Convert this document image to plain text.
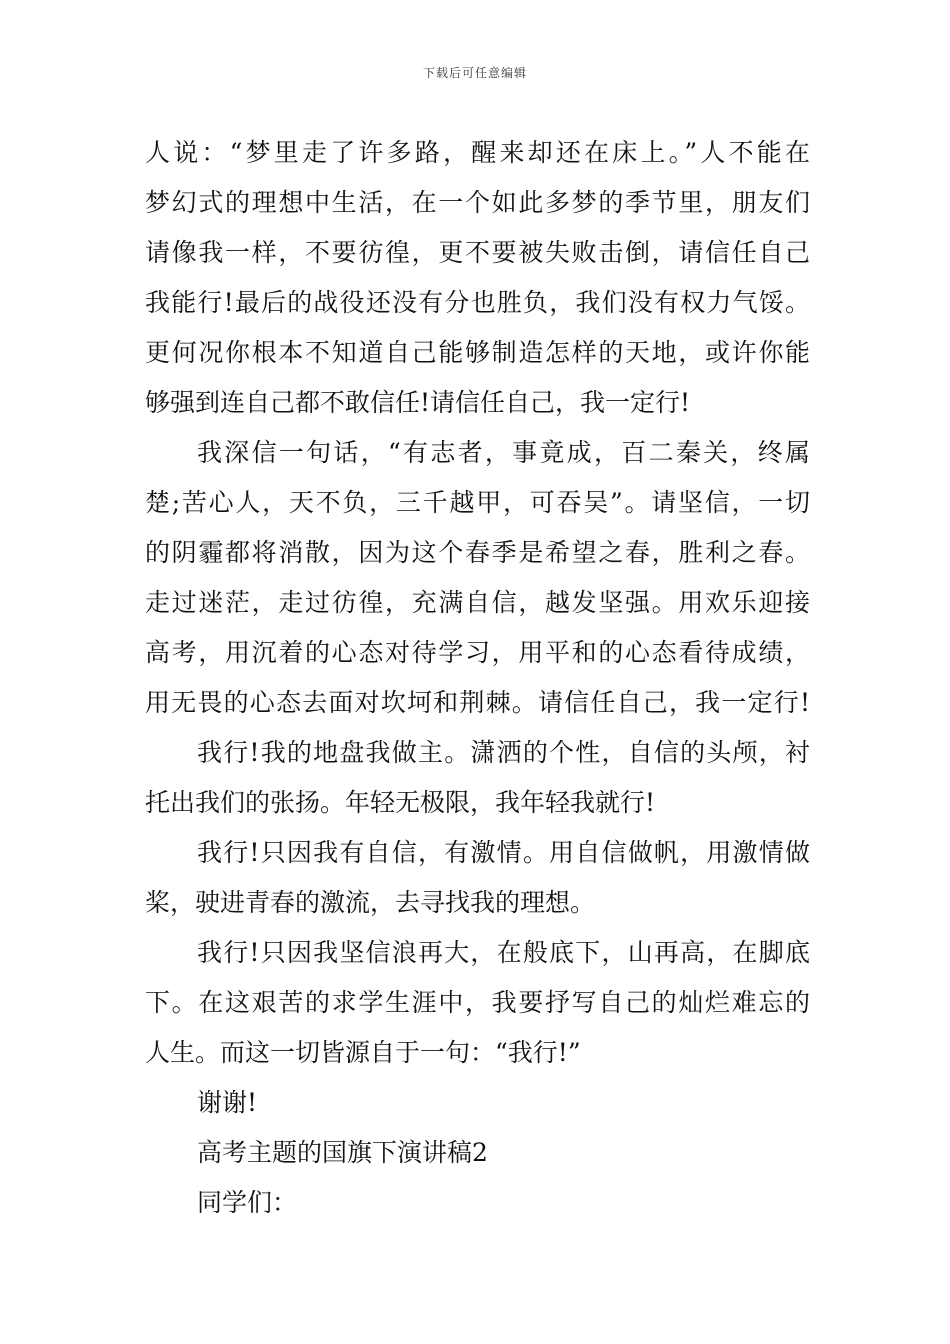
下载后可任意编辑
人说：“梦里走了许多路，醒来却还在床上。”人不能在
梦幻式的理想中生活，在一个如此多梦的季节里，朋友们
请像我一样，不要彷徨，更不要被失败击倒，请信任自己
我能行!最后的战役还没有分也胜负，我们没有权力气馁。
更何况你根本不知道自己能够制造怎样的天地，或许你能
够强到连自己都不敢信任!请信任自己，我一定行!
我深信一句话，“有志者，事竟成，百二秦关，终属
楚;苦心人，天不负，三千越甲，可吞吴”。请坚信，一切
的阴霾都将消散，因为这个春季是希望之春，胜利之春。
走过迷茫，走过彷徨，充满自信，越发坚强。用欢乐迎接
高考，用沉着的心态对待学习，用平和的心态看待成绩，
用无畏的心态去面对坎坷和荆棘。请信任自己，我一定行!
我行!我的地盘我做主。潇洒的个性，自信的头颅，衬
托出我们的张扬。年轻无极限，我年轻我就行!
我行!只因我有自信，有激情。用自信做帆，用激情做
桨，驶进青春的激流，去寻找我的理想。
我行!只因我坚信浪再大，在般底下，山再高，在脚底
下。在这艰苦的求学生涯中，我要抒写自己的灿烂难忘的
人生。而这一切皆源自于一句：“我行!”
谢谢!
高考主题的国旗下演讲稿2
同学们：
